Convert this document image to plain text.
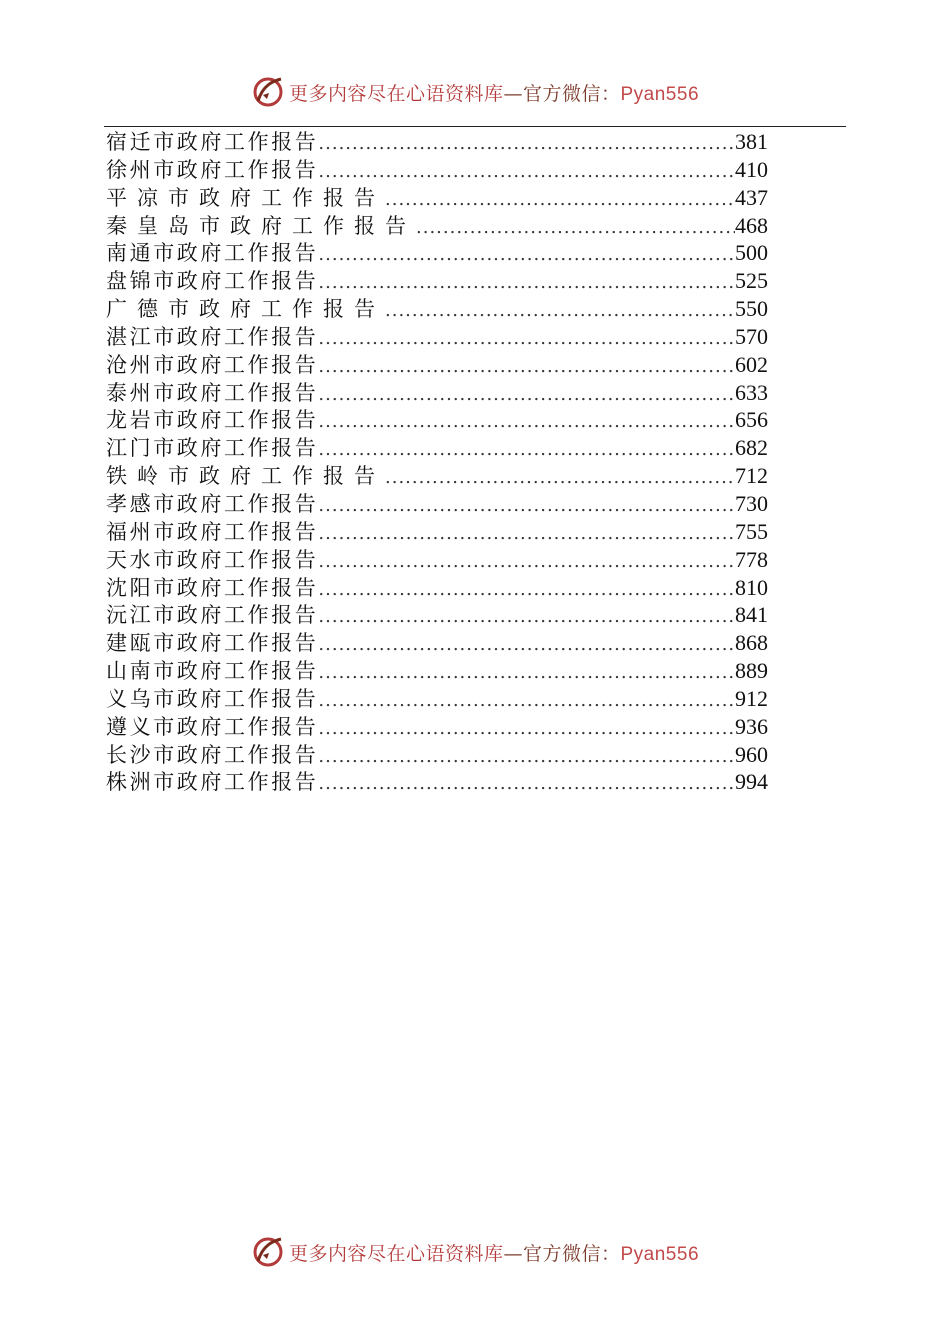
更多内容尽在心语资料库—官方微信：Pyan556
宿迁市政府工作报告 .....	381
徐州市政府工作报告 .....	410
平凉市政府工作报告 .....	437
秦皇岛市政府工作报告 .....	468
南通市政府工作报告 .....	500
盘锦市政府工作报告 .....	525
广德市政府工作报告 .....	550
湛江市政府工作报告 .....	570
沧州市政府工作报告 .....	602
泰州市政府工作报告 .....	633
龙岩市政府工作报告 .....	656
江门市政府工作报告 .....	682
铁岭市政府工作报告 .....	712
孝感市政府工作报告 .....	730
福州市政府工作报告 .....	755
天水市政府工作报告 .....	778
沈阳市政府工作报告 .....	810
沅江市政府工作报告 .....	841
建瓯市政府工作报告 .....	868
山南市政府工作报告 .....	889
义乌市政府工作报告 .....	912
遵义市政府工作报告 .....	936
长沙市政府工作报告 .....	960
株洲市政府工作报告 .....	994
更多内容尽在心语资料库—官方微信：Pyan556
